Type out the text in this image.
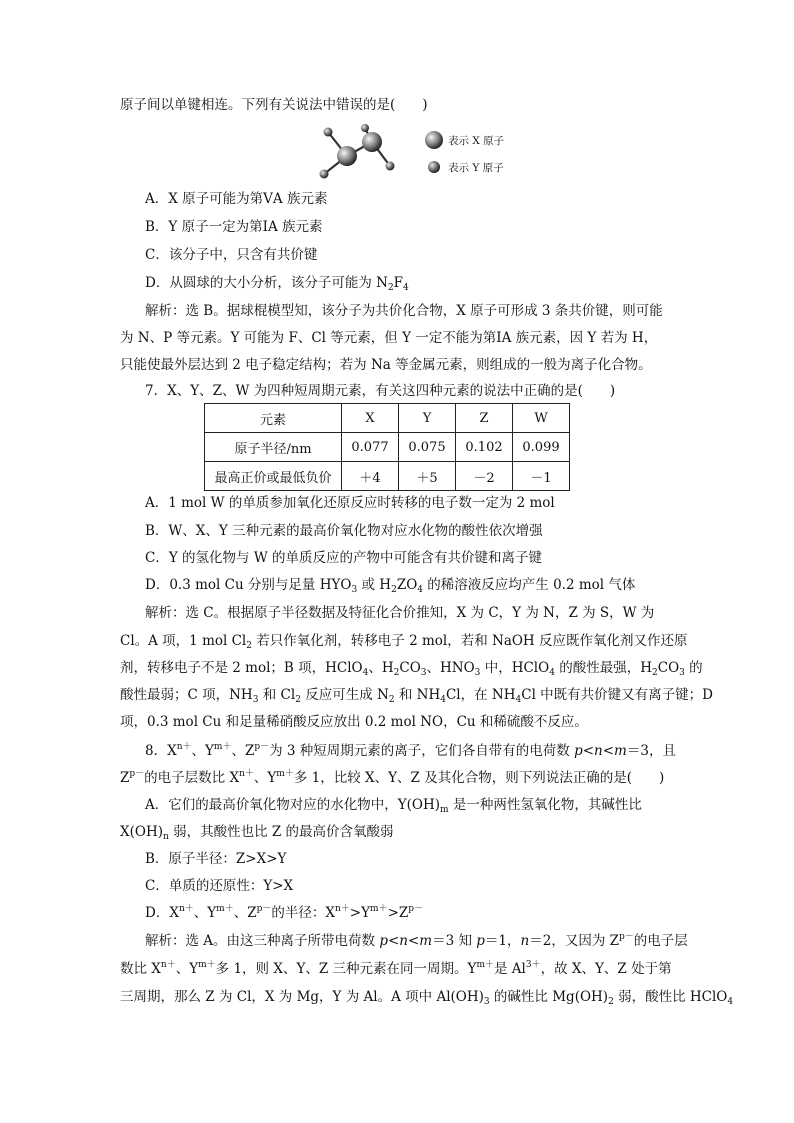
原子间以单键相连。下列有关说法中错误的是(　　)
表示 X 原子
表示 Y 原子
A．X 原子可能为第ⅤA 族元素
B．Y 原子一定为第ⅠA 族元素
C．该分子中，只含有共价键
D．从圆球的大小分析，该分子可能为 $N_2F_4$
解析：选 B。据球棍模型知，该分子为共价化合物，X 原子可形成 3 条共价键，则可能
为 N、P 等元素。Y 可能为 F、Cl 等元素，但 Y 一定不能为第ⅠA 族元素，因 Y 若为 H，
只能使最外层达到 2 电子稳定结构；若为 Na 等金属元素，则组成的一般为离子化合物。
7．X、Y、Z、W 为四种短周期元素，有关这四种元素的说法中正确的是(　　)
元素	X	Y	Z	W
原子半径/nm	0.077	0.075	0.102	0.099
最高正价或最低负价	＋4	＋5	－2	－1
A．1 mol W 的单质参加氧化还原反应时转移的电子数一定为 2 mol
B．W、X、Y 三种元素的最高价氧化物对应水化物的酸性依次增强
C．Y 的氢化物与 W 的单质反应的产物中可能含有共价键和离子键
D．0.3 mol Cu 分别与足量 $HYO_3$ 或 $H_2ZO_4$ 的稀溶液反应均产生 0.2 mol 气体
解析：选 C。根据原子半径数据及特征化合价推知，X 为 C，Y 为 N，Z 为 S，W 为
Cl。A 项，1 mol $Cl_2$ 若只作氧化剂，转移电子 2 mol，若和 NaOH 反应既作氧化剂又作还原
剂，转移电子不是 2 mol；B 项，HClO$_4$、$H_2CO_3$、$HNO_3$ 中，HClO$_4$ 的酸性最强，$H_2CO_3$ 的
酸性最弱；C 项，$NH_3$ 和 $Cl_2$ 反应可生成 $N_2$ 和 $NH_4Cl$，在 $NH_4Cl$ 中既有共价键又有离子键；D
项，0.3 mol Cu 和足量稀硝酸反应放出 0.2 mol NO，Cu 和稀硫酸不反应。
8．$X^{n+}$、$Y^{m+}$、$Z^{p-}$为 3 种短周期元素的离子，它们各自带有的电荷数 p<n<m＝3，且
$Z^{p-}$的电子层数比 $X^{n+}$、$Y^{m+}$多 1，比较 X、Y、Z 及其化合物，则下列说法正确的是(　　)
A．它们的最高价氧化物对应的水化物中，$Y(OH)_m$ 是一种两性氢氧化物，其碱性比
$X(OH)_n$ 弱，其酸性也比 Z 的最高价含氧酸弱
B．原子半径：Z>X>Y
C．单质的还原性：Y>X
D．$X^{n+}$、$Y^{m+}$、$Z^{p-}$的半径：$X^{n+}>Y^{m+}>Z^{p-}$
解析：选 A。由这三种离子所带电荷数 p<n<m＝3 知 p＝1，n＝2，又因为 $Z^{p-}$的电子层
数比 $X^{n+}$、$Y^{m+}$多 1，则 X、Y、Z 三种元素在同一周期。$Y^{m+}$是 $Al^{3+}$，故 X、Y、Z 处于第
三周期，那么 Z 为 Cl，X 为 Mg，Y 为 Al。A 项中 $Al(OH)_3$ 的碱性比 $Mg(OH)_2$ 弱，酸性比 HClO$_4$
